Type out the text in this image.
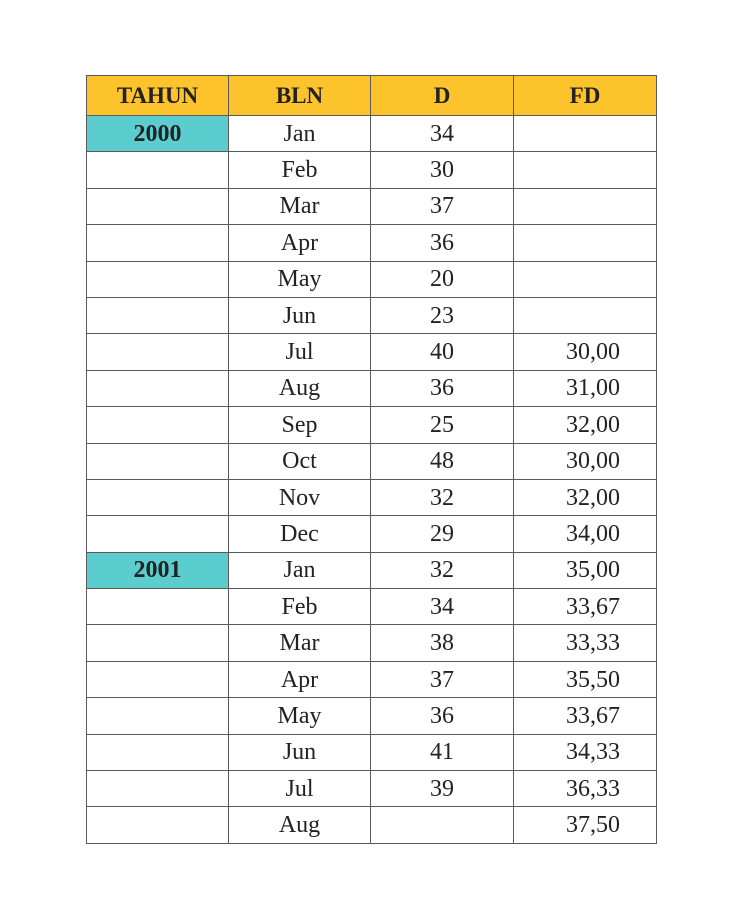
TAHUN	BLN	D	FD
2000	Jan	34	
	Feb	30	
	Mar	37	
	Apr	36	
	May	20	
	Jun	23	
	Jul	40	30,00
	Aug	36	31,00
	Sep	25	32,00
	Oct	48	30,00
	Nov	32	32,00
	Dec	29	34,00
2001	Jan	32	35,00
	Feb	34	33,67
	Mar	38	33,33
	Apr	37	35,50
	May	36	33,67
	Jun	41	34,33
	Jul	39	36,33
	Aug		37,50
